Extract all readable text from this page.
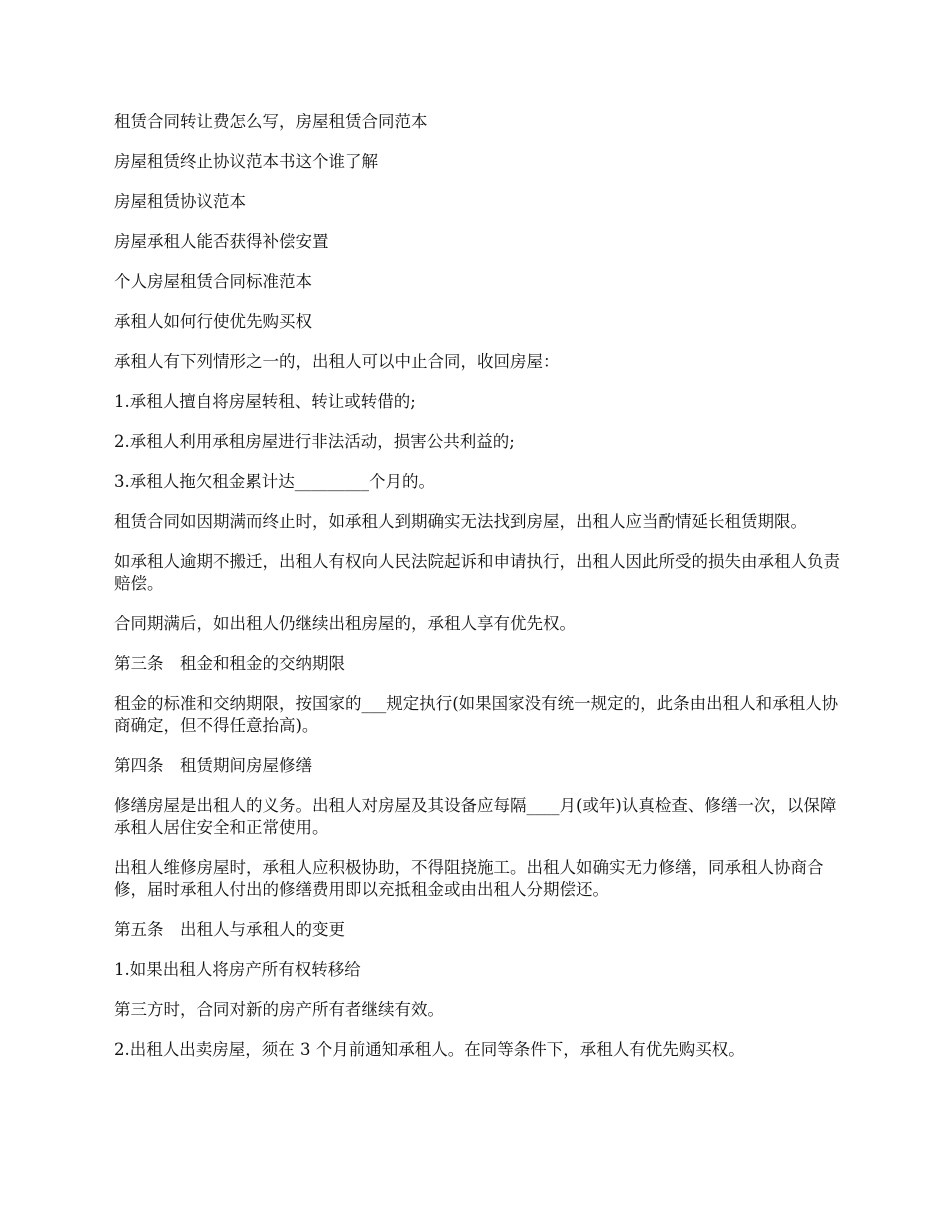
租赁合同转让费怎么写，房屋租赁合同范本

房屋租赁终止协议范本书这个谁了解

房屋租赁协议范本

房屋承租人能否获得补偿安置

个人房屋租赁合同标准范本

承租人如何行使优先购买权

承租人有下列情形之一的，出租人可以中止合同，收回房屋：

1.承租人擅自将房屋转租、转让或转借的;

2.承租人利用承租房屋进行非法活动，损害公共利益的;

3.承租人拖欠租金累计达_________个月的。

租赁合同如因期满而终止时，如承租人到期确实无法找到房屋，出租人应当酌情延长租赁期限。

如承租人逾期不搬迁，出租人有权向人民法院起诉和申请执行，出租人因此所受的损失由承租人负责赔偿。

合同期满后，如出租人仍继续出租房屋的，承租人享有优先权。

第三条　租金和租金的交纳期限

租金的标准和交纳期限，按国家的___规定执行(如果国家没有统一规定的，此条由出租人和承租人协商确定，但不得任意抬高)。

第四条　租赁期间房屋修缮

修缮房屋是出租人的义务。出租人对房屋及其设备应每隔____月(或年)认真检查、修缮一次，以保障承租人居住安全和正常使用。

出租人维修房屋时，承租人应积极协助，不得阻挠施工。出租人如确实无力修缮，同承租人协商合修，届时承租人付出的修缮费用即以充抵租金或由出租人分期偿还。

第五条　出租人与承租人的变更

1.如果出租人将房产所有权转移给

第三方时，合同对新的房产所有者继续有效。

2.出租人出卖房屋，须在 3 个月前通知承租人。在同等条件下，承租人有优先购买权。
